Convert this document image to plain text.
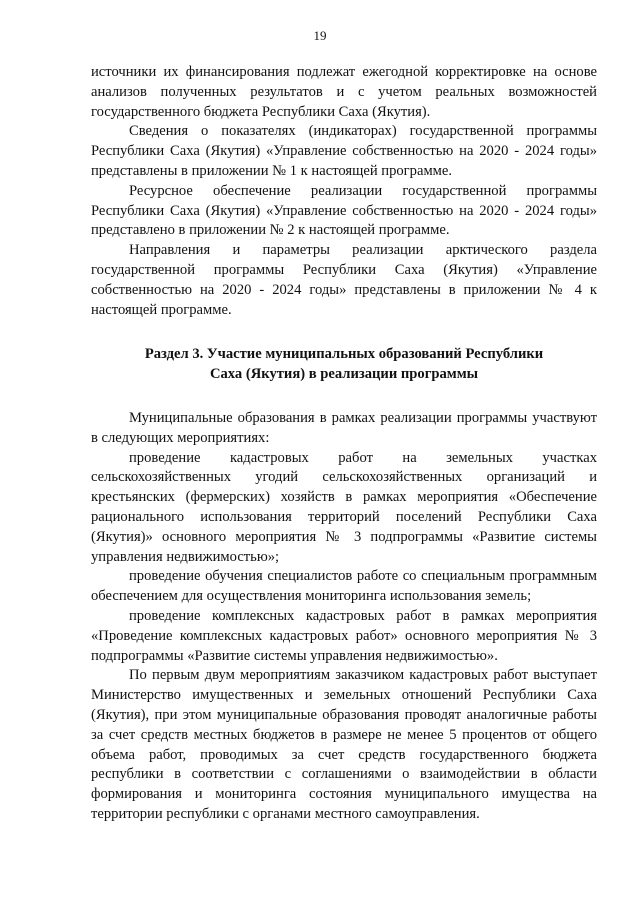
19

источники их финансирования подлежат ежегодной корректировке на основе анализов полученных результатов и с учетом реальных возможностей государственного бюджета Республики Саха (Якутия).

Сведения о показателях (индикаторах) государственной программы Республики Саха (Якутия) «Управление собственностью на 2020 - 2024 годы» представлены в приложении № 1 к настоящей программе.

Ресурсное обеспечение реализации государственной программы Республики Саха (Якутия) «Управление собственностью на 2020 - 2024 годы» представлено в приложении № 2 к настоящей программе.

Направления и параметры реализации арктического раздела государственной программы Республики Саха (Якутия) «Управление собственностью на 2020 - 2024 годы» представлены в приложении № 4 к настоящей программе.

Раздел 3. Участие муниципальных образований Республики
Саха (Якутия) в реализации программы

Муниципальные образования в рамках реализации программы участвуют в следующих мероприятиях:

проведение кадастровых работ на земельных участках сельскохозяйственных угодий сельскохозяйственных организаций и крестьянских (фермерских) хозяйств в рамках мероприятия «Обеспечение рационального использования территорий поселений Республики Саха (Якутия)» основного мероприятия № 3 подпрограммы «Развитие системы управления недвижимостью»;

проведение обучения специалистов работе со специальным программным обеспечением для осуществления мониторинга использования земель;

проведение комплексных кадастровых работ в рамках мероприятия «Проведение комплексных кадастровых работ» основного мероприятия № 3 подпрограммы «Развитие системы управления недвижимостью».

По первым двум мероприятиям заказчиком кадастровых работ выступает Министерство имущественных и земельных отношений Республики Саха (Якутия), при этом муниципальные образования проводят аналогичные работы за счет средств местных бюджетов в размере не менее 5 процентов от общего объема работ, проводимых за счет средств государственного бюджета республики в соответствии с соглашениями о взаимодействии в области формирования и мониторинга состояния муниципального имущества на территории республики с органами местного самоуправления.
